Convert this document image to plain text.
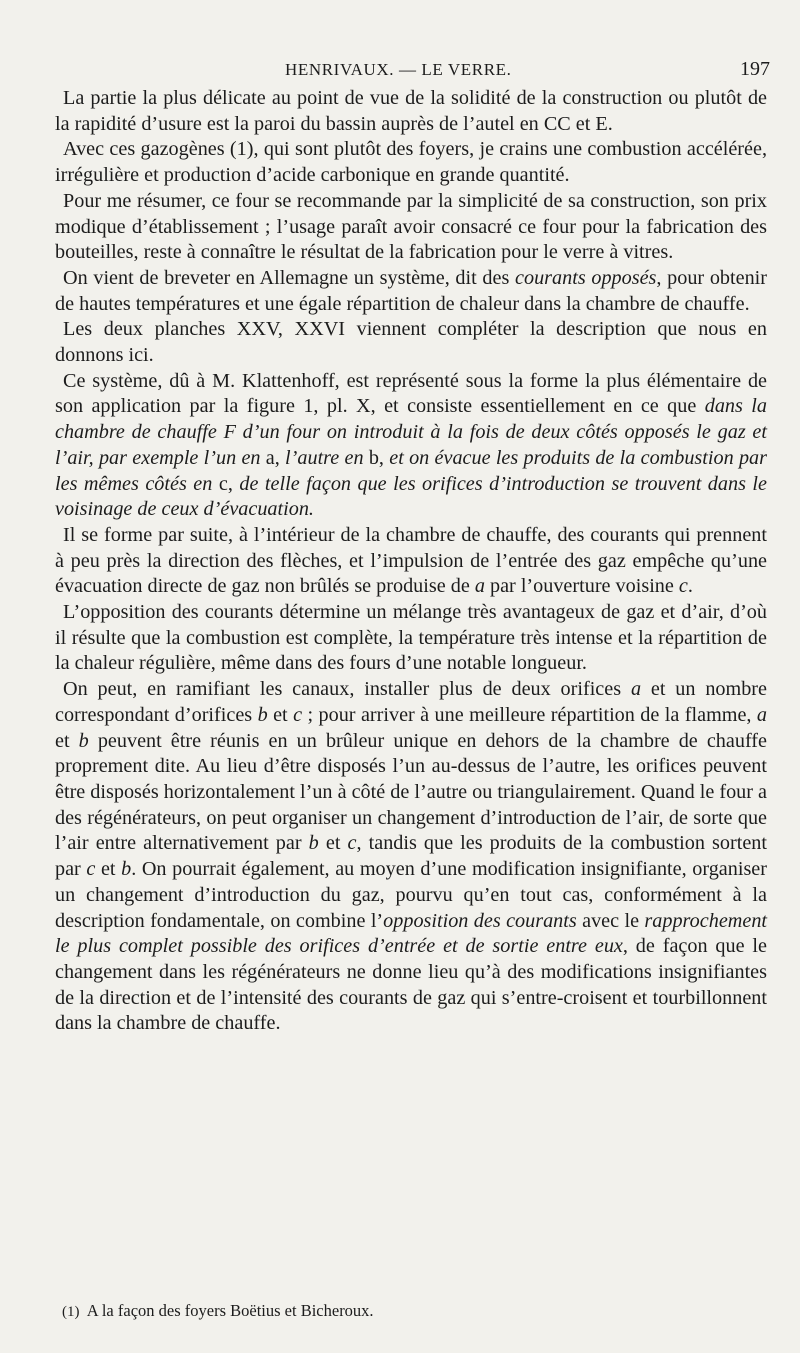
HENRIVAUX. — LE VERRE.	197

La partie la plus délicate au point de vue de la solidité de la construction ou plutôt de la rapidité d’usure est la paroi du bassin auprès de l’autel en CC et E.

Avec ces gazogènes (1), qui sont plutôt des foyers, je crains une combustion accélérée, irrégulière et production d’acide carbonique en grande quantité.

Pour me résumer, ce four se recommande par la simplicité de sa construction, son prix modique d’établissement ; l’usage paraît avoir consacré ce four pour la fabrication des bouteilles, reste à connaître le résultat de la fabrication pour le verre à vitres.

On vient de breveter en Allemagne un système, dit des courants opposés, pour obtenir de hautes températures et une égale répartition de chaleur dans la chambre de chauffe.

Les deux planches XXV, XXVI viennent compléter la description que nous en donnons ici.

Ce système, dû à M. Klattenhoff, est représenté sous la forme la plus élémentaire de son application par la figure 1, pl. X, et consiste essentiellement en ce que dans la chambre de chauffe F d’un four on introduit à la fois de deux côtés opposés le gaz et l’air, par exemple l’un en a, l’autre en b, et on évacue les produits de la combustion par les mêmes côtés en c, de telle façon que les orifices d’introduction se trouvent dans le voisinage de ceux d’évacuation.

Il se forme par suite, à l’intérieur de la chambre de chauffe, des courants qui prennent à peu près la direction des flèches, et l’impulsion de l’entrée des gaz empêche qu’une évacuation directe de gaz non brûlés se produise de a par l’ouverture voisine c.

L’opposition des courants détermine un mélange très avantageux de gaz et d’air, d’où il résulte que la combustion est complète, la température très intense et la répartition de la chaleur régulière, même dans des fours d’une notable longueur.

On peut, en ramifiant les canaux, installer plus de deux orifices a et un nombre correspondant d’orifices b et c ; pour arriver à une meilleure répartition de la flamme, a et b peuvent être réunis en un brûleur unique en dehors de la chambre de chauffe proprement dite. Au lieu d’être disposés l’un au-dessus de l’autre, les orifices peuvent être disposés horizontalement l’un à côté de l’autre ou triangulairement. Quand le four a des régénérateurs, on peut organiser un changement d’introduction de l’air, de sorte que l’air entre alternativement par b et c, tandis que les produits de la combustion sortent par c et b. On pourrait également, au moyen d’une modification insignifiante, organiser un changement d’introduction du gaz, pourvu qu’en tout cas, conformément à la description fondamentale, on combine l’opposition des courants avec le rapprochement le plus complet possible des orifices d’entrée et de sortie entre eux, de façon que le changement dans les régénérateurs ne donne lieu qu’à des modifications insignifiantes de la direction et de l’intensité des courants de gaz qui s’entre-croisent et tourbillonnent dans la chambre de chauffe.

(1) A la façon des foyers Boëtius et Bicheroux.
